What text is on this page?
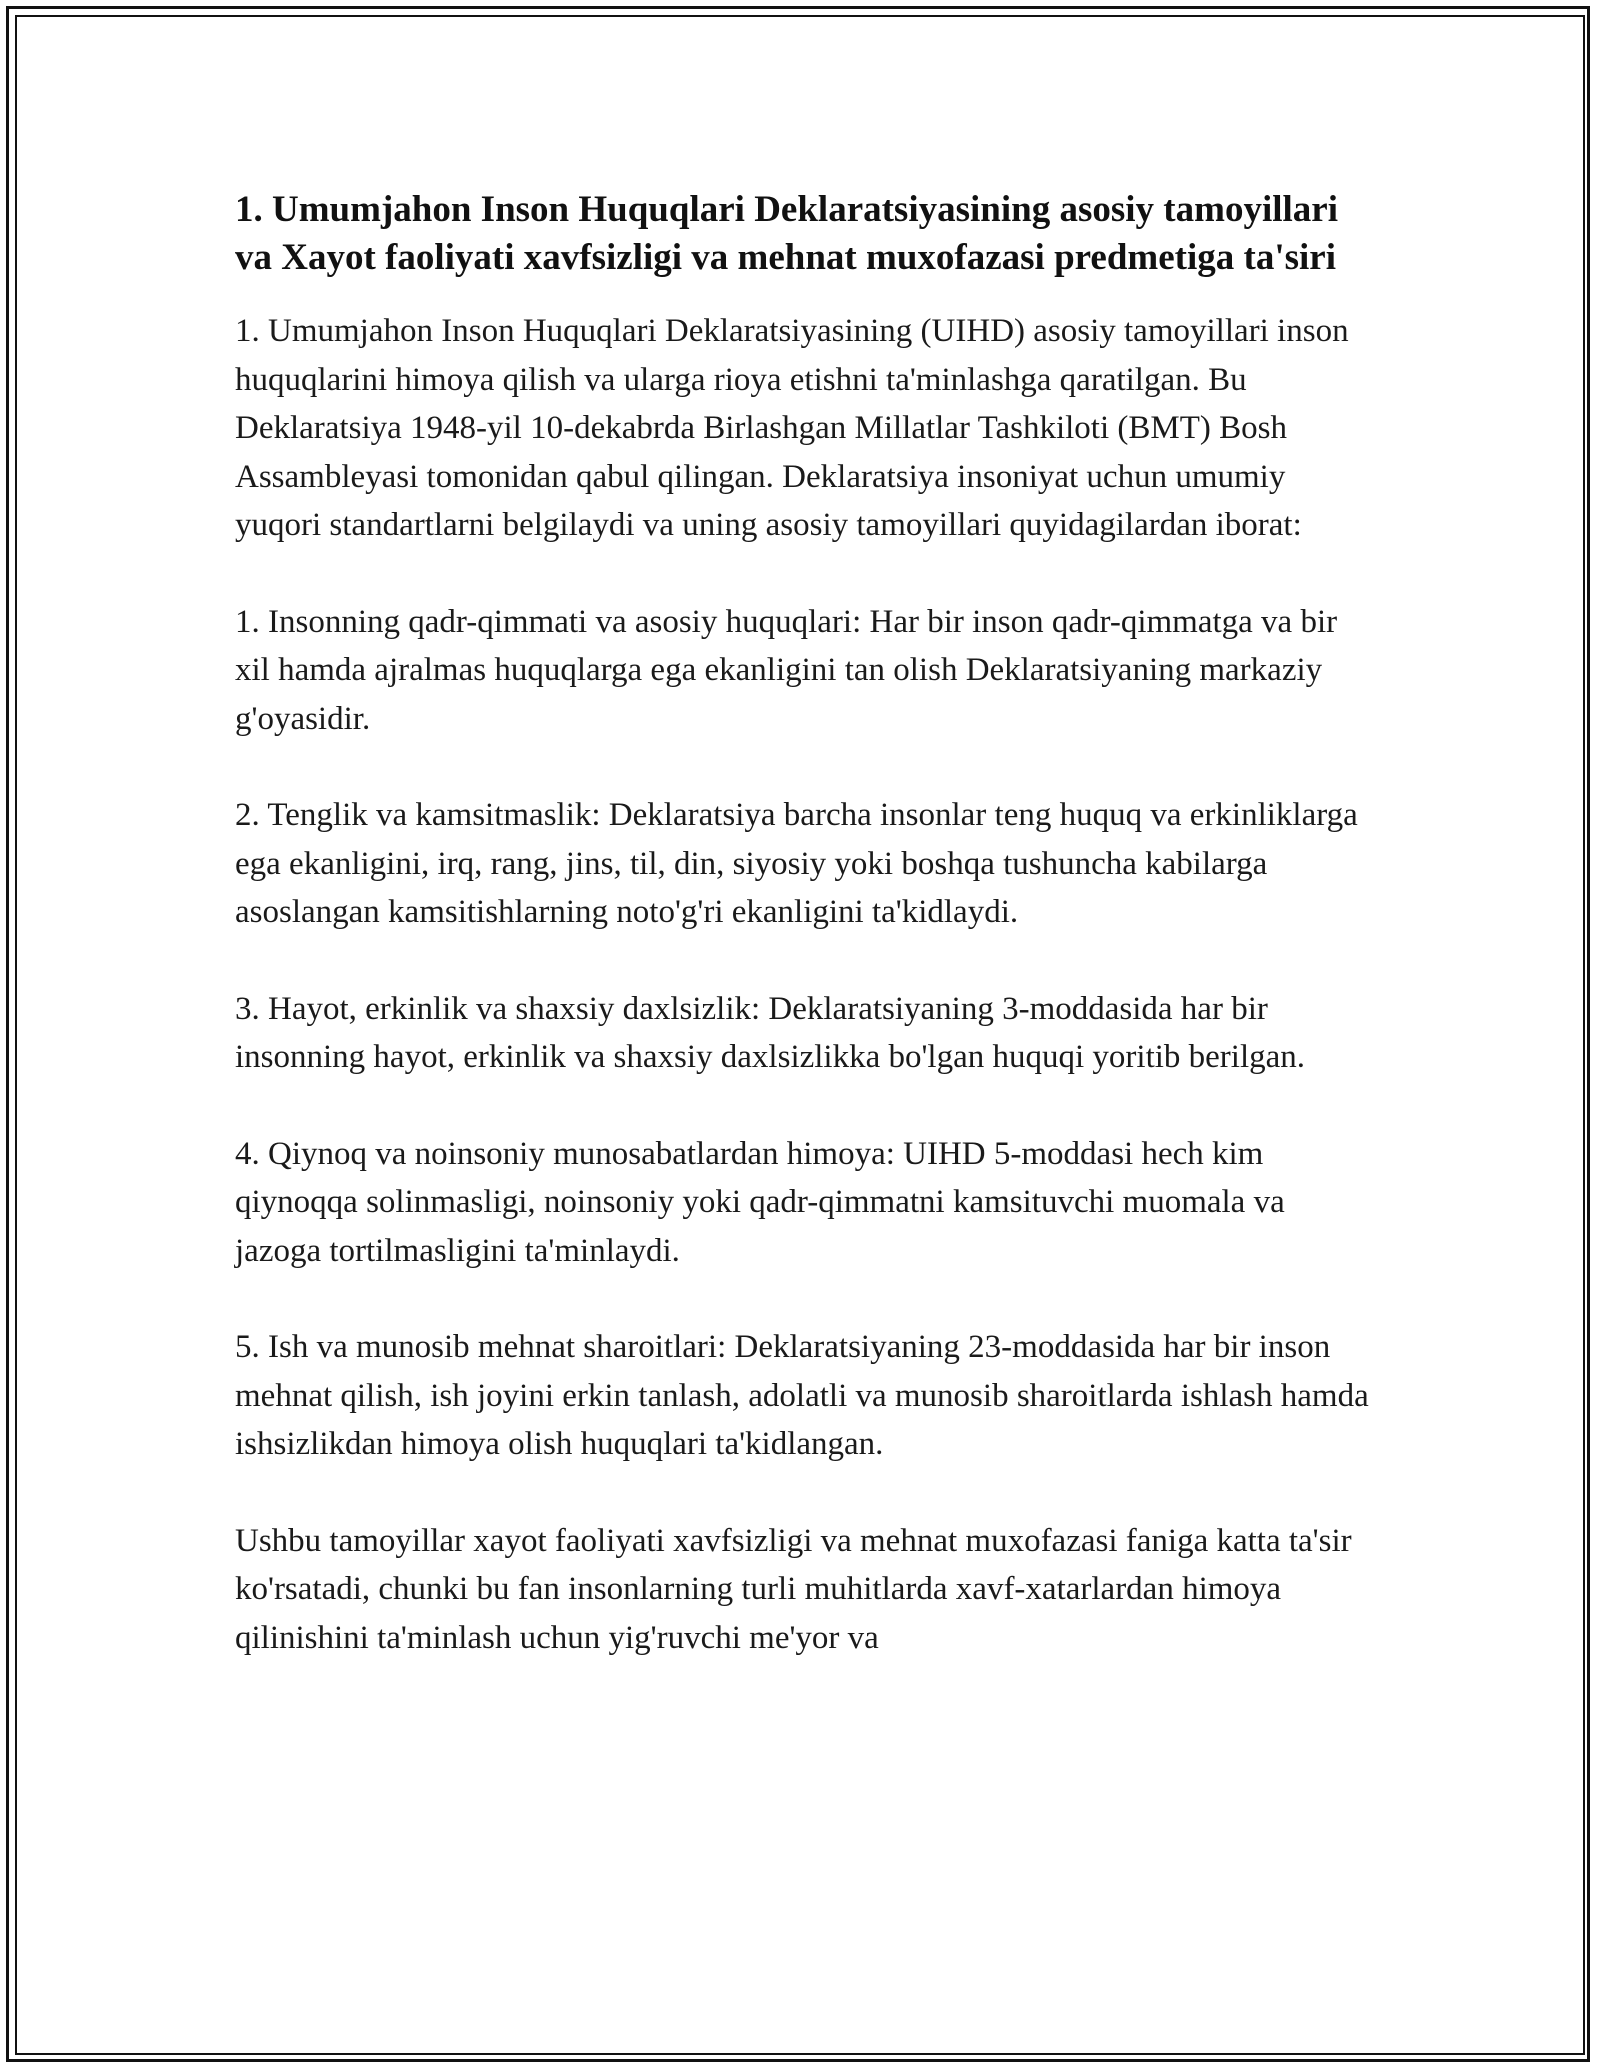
1. Umumjahon Inson Huquqlari Deklaratsiyasining asosiy tamoyillari va Xayot faoliyati xavfsizligi va mehnat muxofazasi predmetiga ta'siri

1. Umumjahon Inson Huquqlari Deklaratsiyasining (UIHD) asosiy tamoyillari inson huquqlarini himoya qilish va ularga rioya etishni ta'minlashga qaratilgan. Bu Deklaratsiya 1948-yil 10-dekabrda Birlashgan Millatlar Tashkiloti (BMT) Bosh Assambleyasi tomonidan qabul qilingan. Deklaratsiya insoniyat uchun umumiy yuqori standartlarni belgilaydi va uning asosiy tamoyillari quyidagilardan iborat:

1. Insonning qadr-qimmati va asosiy huquqlari: Har bir inson qadr-qimmatga va bir xil hamda ajralmas huquqlarga ega ekanligini tan olish Deklaratsiyaning markaziy g'oyasidir.

2. Tenglik va kamsitmaslik: Deklaratsiya barcha insonlar teng huquq va erkinliklarga ega ekanligini, irq, rang, jins, til, din, siyosiy yoki boshqa tushuncha kabilarga asoslangan kamsitishlarning noto'g'ri ekanligini ta'kidlaydi.

3. Hayot, erkinlik va shaxsiy daxlsizlik: Deklaratsiyaning 3-moddasida har bir insonning hayot, erkinlik va shaxsiy daxlsizlikka bo'lgan huquqi yoritib berilgan.

4. Qiynoq va noinsoniy munosabatlardan himoya: UIHD 5-moddasi hech kim qiynoqqa solinmasligi, noinsoniy yoki qadr-qimmatni kamsituvchi muomala va jazoga tortilmasligini ta'minlaydi.

5. Ish va munosib mehnat sharoitlari: Deklaratsiyaning 23-moddasida har bir inson mehnat qilish, ish joyini erkin tanlash, adolatli va munosib sharoitlarda ishlash hamda ishsizlikdan himoya olish huquqlari ta'kidlangan.

Ushbu tamoyillar xayot faoliyati xavfsizligi va mehnat muxofazasi faniga katta ta'sir ko'rsatadi, chunki bu fan insonlarning turli muhitlarda xavf-xatarlardan himoya qilinishini ta'minlash uchun yig'ruvchi me'yor va
